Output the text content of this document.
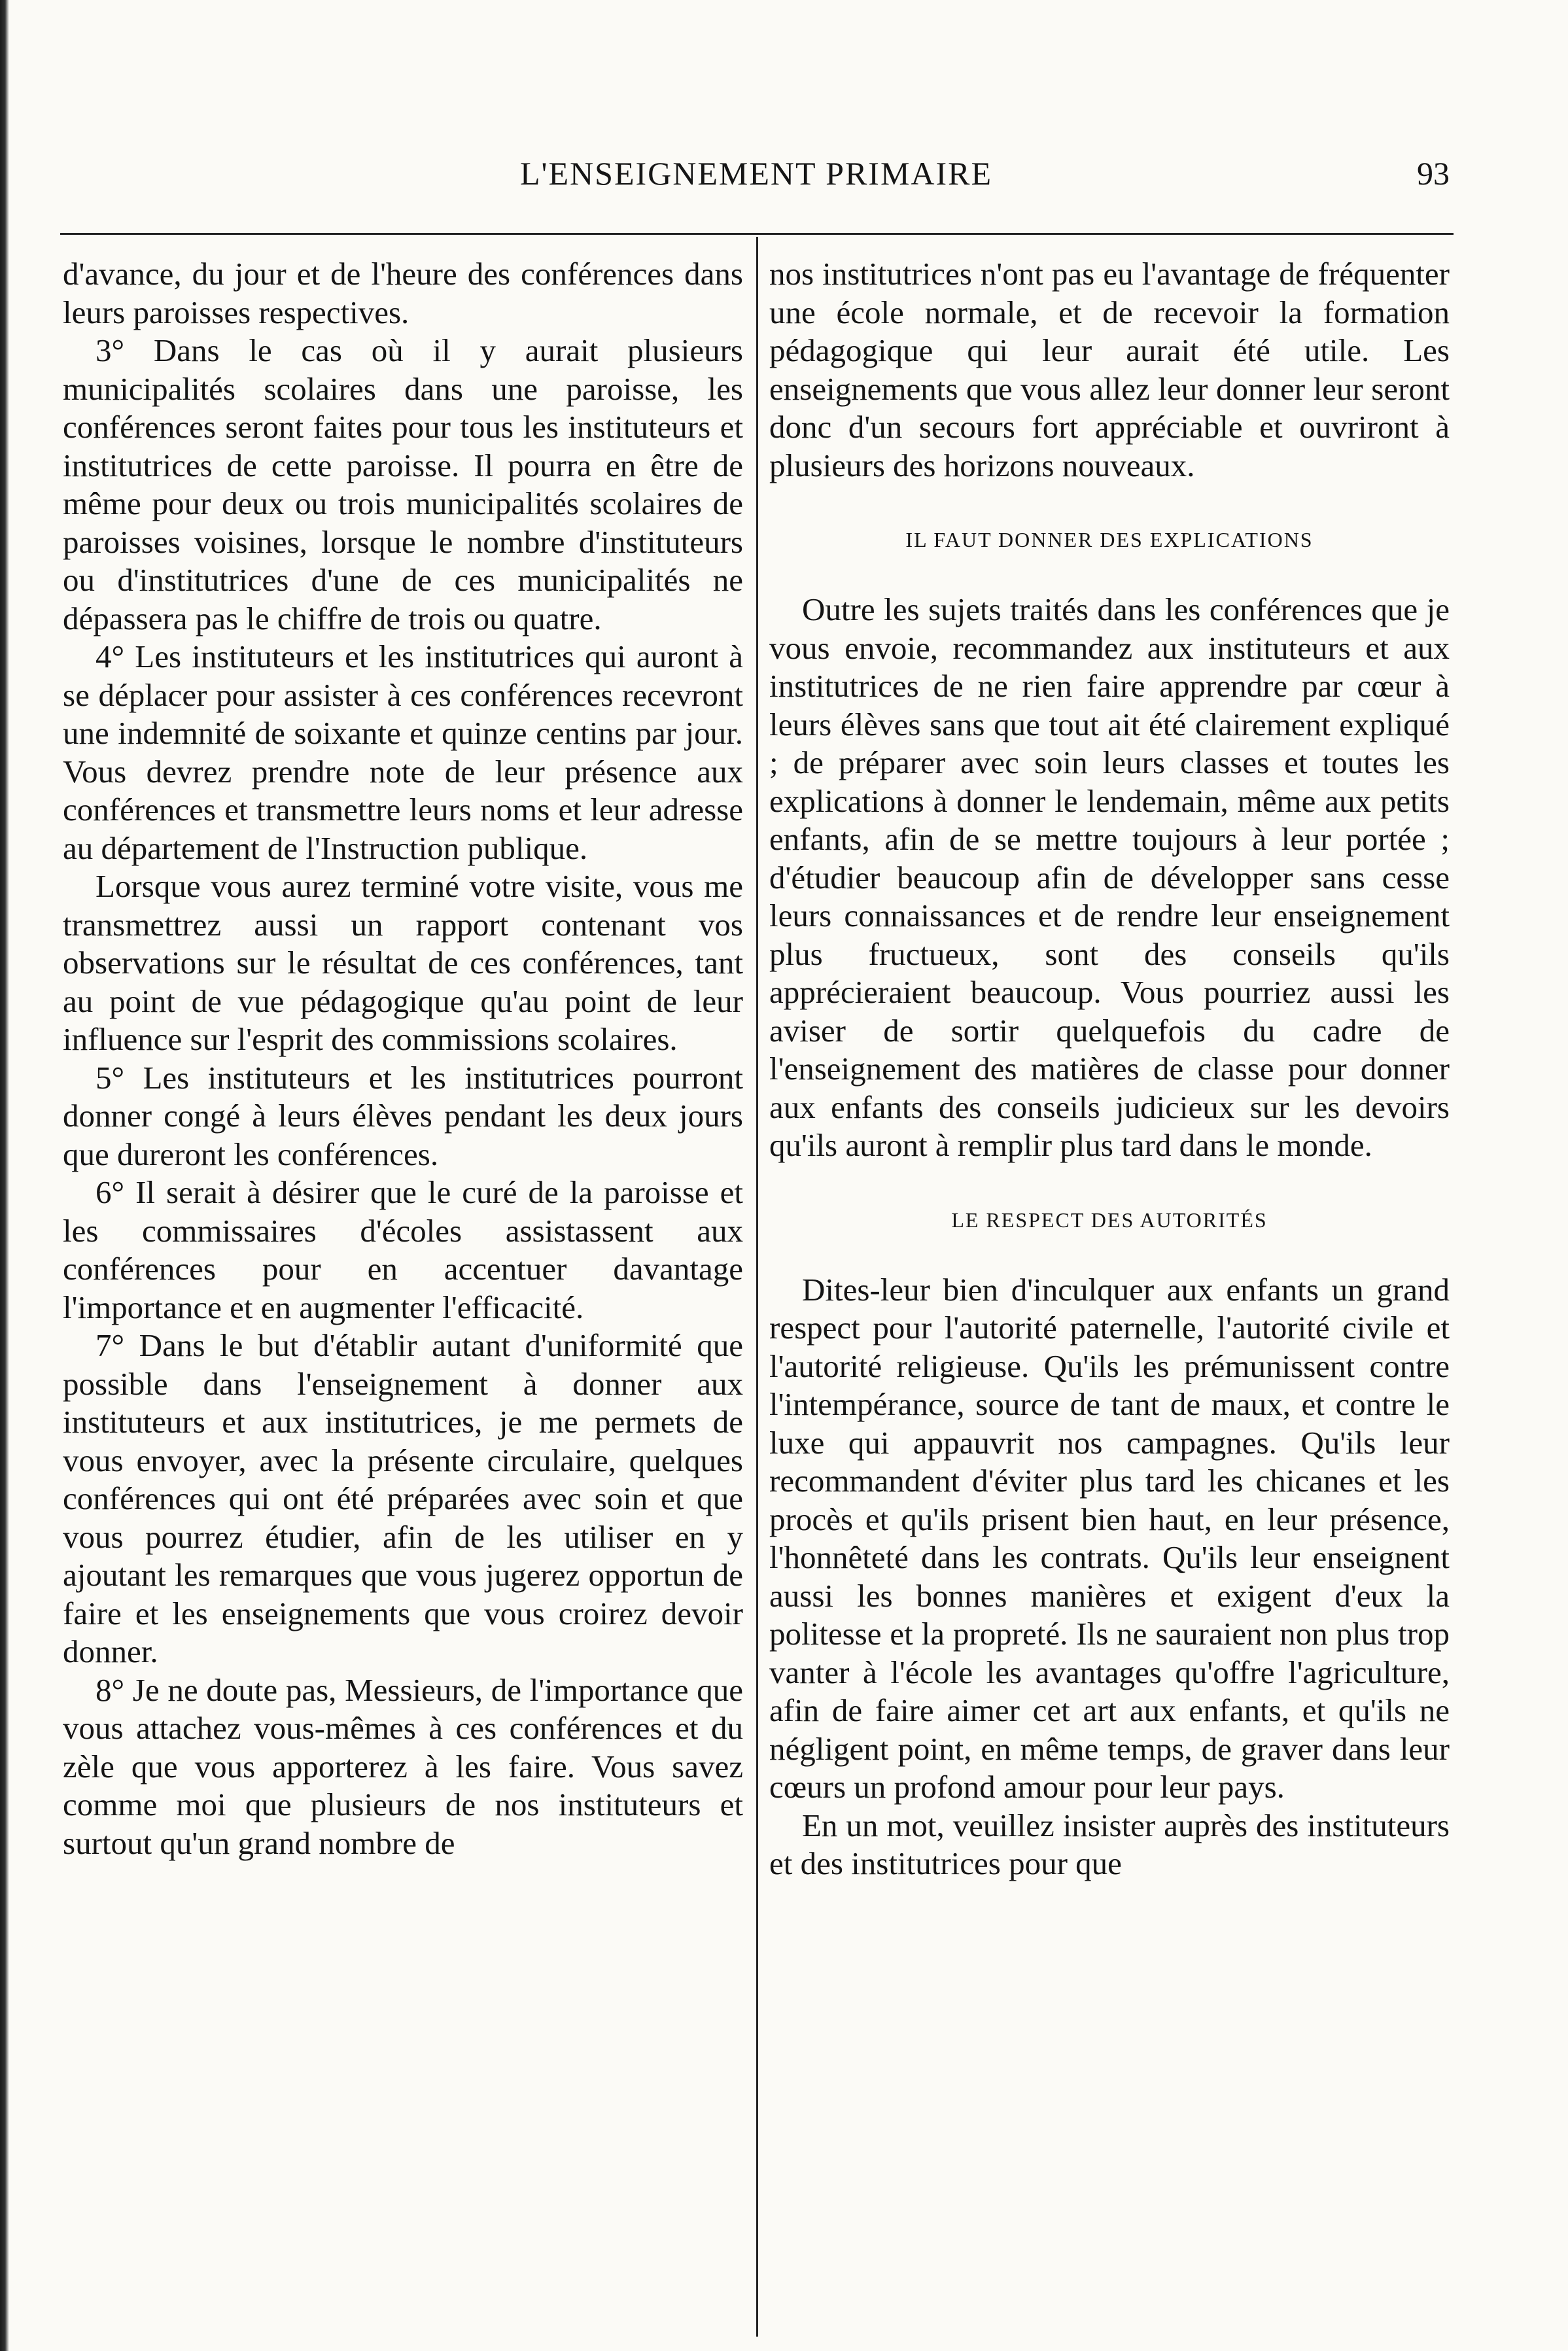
L'ENSEIGNEMENT PRIMAIRE	93

d'avance, du jour et de l'heure des conférences dans leurs paroisses respectives.

3° Dans le cas où il y aurait plusieurs municipalités scolaires dans une paroisse, les conférences seront faites pour tous les instituteurs et institutrices de cette paroisse. Il pourra en être de même pour deux ou trois municipalités scolaires de paroisses voisines, lorsque le nombre d'instituteurs ou d'institutrices d'une de ces municipalités ne dépassera pas le chiffre de trois ou quatre.

4° Les instituteurs et les institutrices qui auront à se déplacer pour assister à ces conférences recevront une indemnité de soixante et quinze centins par jour. Vous devrez prendre note de leur présence aux conférences et transmettre leurs noms et leur adresse au département de l'Instruction publique.

Lorsque vous aurez terminé votre visite, vous me transmettrez aussi un rapport contenant vos observations sur le résultat de ces conférences, tant au point de vue pédagogique qu'au point de leur influence sur l'esprit des commissions scolaires.

5° Les instituteurs et les institutrices pourront donner congé à leurs élèves pendant les deux jours que dureront les conférences.

6° Il serait à désirer que le curé de la paroisse et les commissaires d'écoles assistassent aux conférences pour en accentuer davantage l'importance et en augmenter l'efficacité.

7° Dans le but d'établir autant d'uniformité que possible dans l'enseignement à donner aux instituteurs et aux institutrices, je me permets de vous envoyer, avec la présente circulaire, quelques conférences qui ont été préparées avec soin et que vous pourrez étudier, afin de les utiliser en y ajoutant les remarques que vous jugerez opportun de faire et les enseignements que vous croirez devoir donner.

8° Je ne doute pas, Messieurs, de l'importance que vous attachez vous-mêmes à ces conférences et du zèle que vous apporterez à les faire. Vous savez comme moi que plusieurs de nos instituteurs et surtout qu'un grand nombre de

nos institutrices n'ont pas eu l'avantage de fréquenter une école normale, et de recevoir la formation pédagogique qui leur aurait été utile. Les enseignements que vous allez leur donner leur seront donc d'un secours fort appréciable et ouvriront à plusieurs des horizons nouveaux.

IL FAUT DONNER DES EXPLICATIONS

Outre les sujets traités dans les conférences que je vous envoie, recommandez aux instituteurs et aux institutrices de ne rien faire apprendre par cœur à leurs élèves sans que tout ait été clairement expliqué ; de préparer avec soin leurs classes et toutes les explications à donner le lendemain, même aux petits enfants, afin de se mettre toujours à leur portée ; d'étudier beaucoup afin de développer sans cesse leurs connaissances et de rendre leur enseignement plus fructueux, sont des conseils qu'ils apprécieraient beaucoup. Vous pourriez aussi les aviser de sortir quelquefois du cadre de l'enseignement des matières de classe pour donner aux enfants des conseils judicieux sur les devoirs qu'ils auront à remplir plus tard dans le monde.

LE RESPECT DES AUTORITÉS

Dites-leur bien d'inculquer aux enfants un grand respect pour l'autorité paternelle, l'autorité civile et l'autorité religieuse. Qu'ils les prémunissent contre l'intempérance, source de tant de maux, et contre le luxe qui appauvrit nos campagnes. Qu'ils leur recommandent d'éviter plus tard les chicanes et les procès et qu'ils prisent bien haut, en leur présence, l'honnêteté dans les contrats. Qu'ils leur enseignent aussi les bonnes manières et exigent d'eux la politesse et la propreté. Ils ne sauraient non plus trop vanter à l'école les avantages qu'offre l'agriculture, afin de faire aimer cet art aux enfants, et qu'ils ne négligent point, en même temps, de graver dans leur cœurs un profond amour pour leur pays.

En un mot, veuillez insister auprès des instituteurs et des institutrices pour que
